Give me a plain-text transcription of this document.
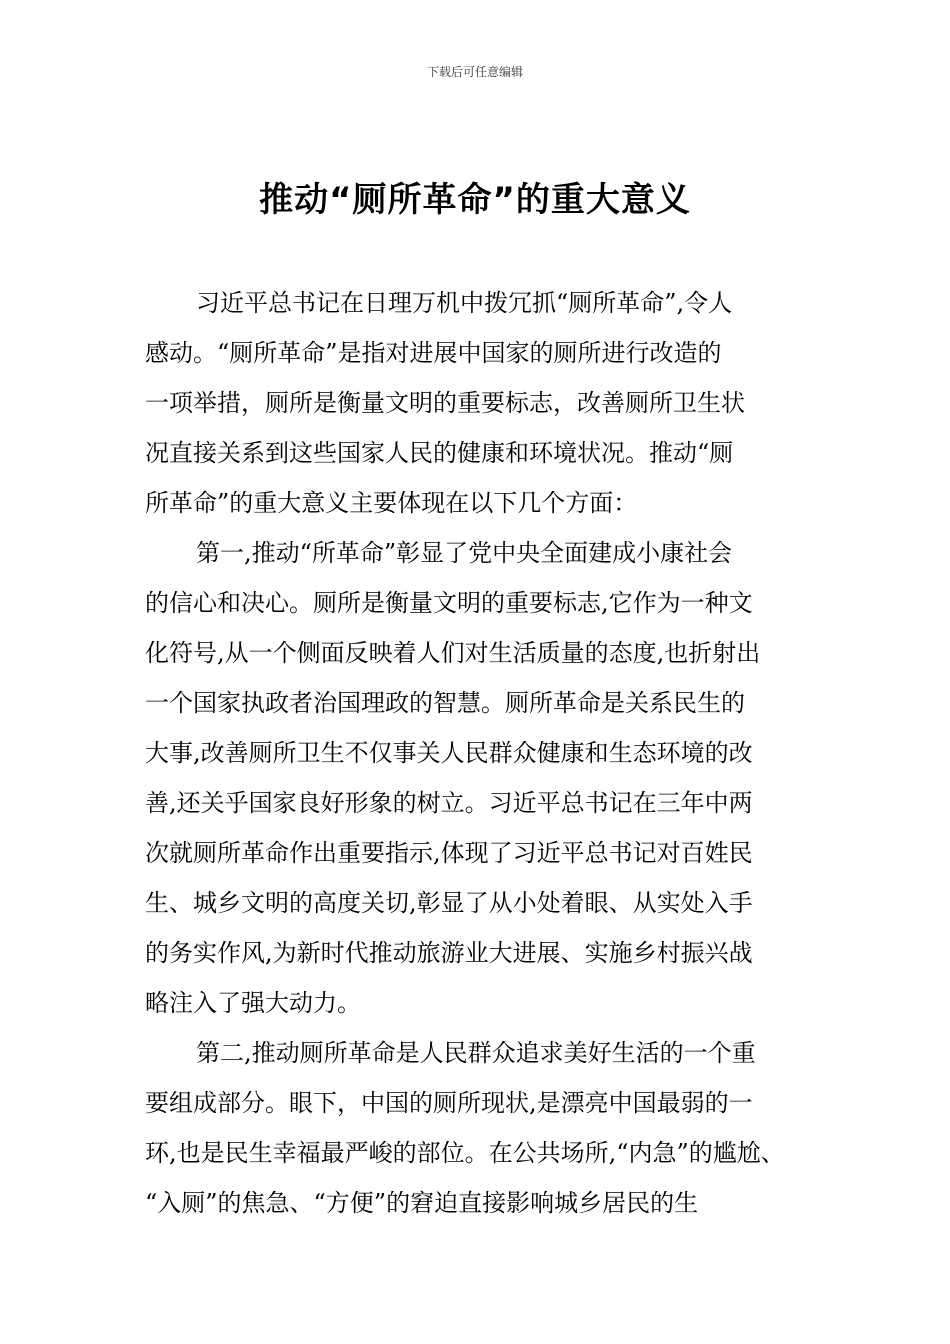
下载后可任意编辑
推动“厕所革命”的重大意义
习近平总书记在日理万机中拨冗抓“厕所革命”,令人
感动。“厕所革命”是指对进展中国家的厕所进行改造的
一项举措，厕所是衡量文明的重要标志，改善厕所卫生状
况直接关系到这些国家人民的健康和环境状况。推动“厕
所革命”的重大意义主要体现在以下几个方面：
第一,推动“所革命”彰显了党中央全面建成小康社会
的信心和决心。厕所是衡量文明的重要标志,它作为一种文
化符号,从一个侧面反映着人们对生活质量的态度,也折射出
一个国家执政者治国理政的智慧。厕所革命是关系民生的
大事,改善厕所卫生不仅事关人民群众健康和生态环境的改
善,还关乎国家良好形象的树立。习近平总书记在三年中两
次就厕所革命作出重要指示,体现了习近平总书记对百姓民
生、城乡文明的高度关切,彰显了从小处着眼、从实处入手
的务实作风,为新时代推动旅游业大进展、实施乡村振兴战
略注入了强大动力。
第二,推动厕所革命是人民群众追求美好生活的一个重
要组成部分。眼下，中国的厕所现状,是漂亮中国最弱的一
环,也是民生幸福最严峻的部位。在公共场所,“内急”的尴尬、
“入厕”的焦急、“方便”的窘迫直接影响城乡居民的生
